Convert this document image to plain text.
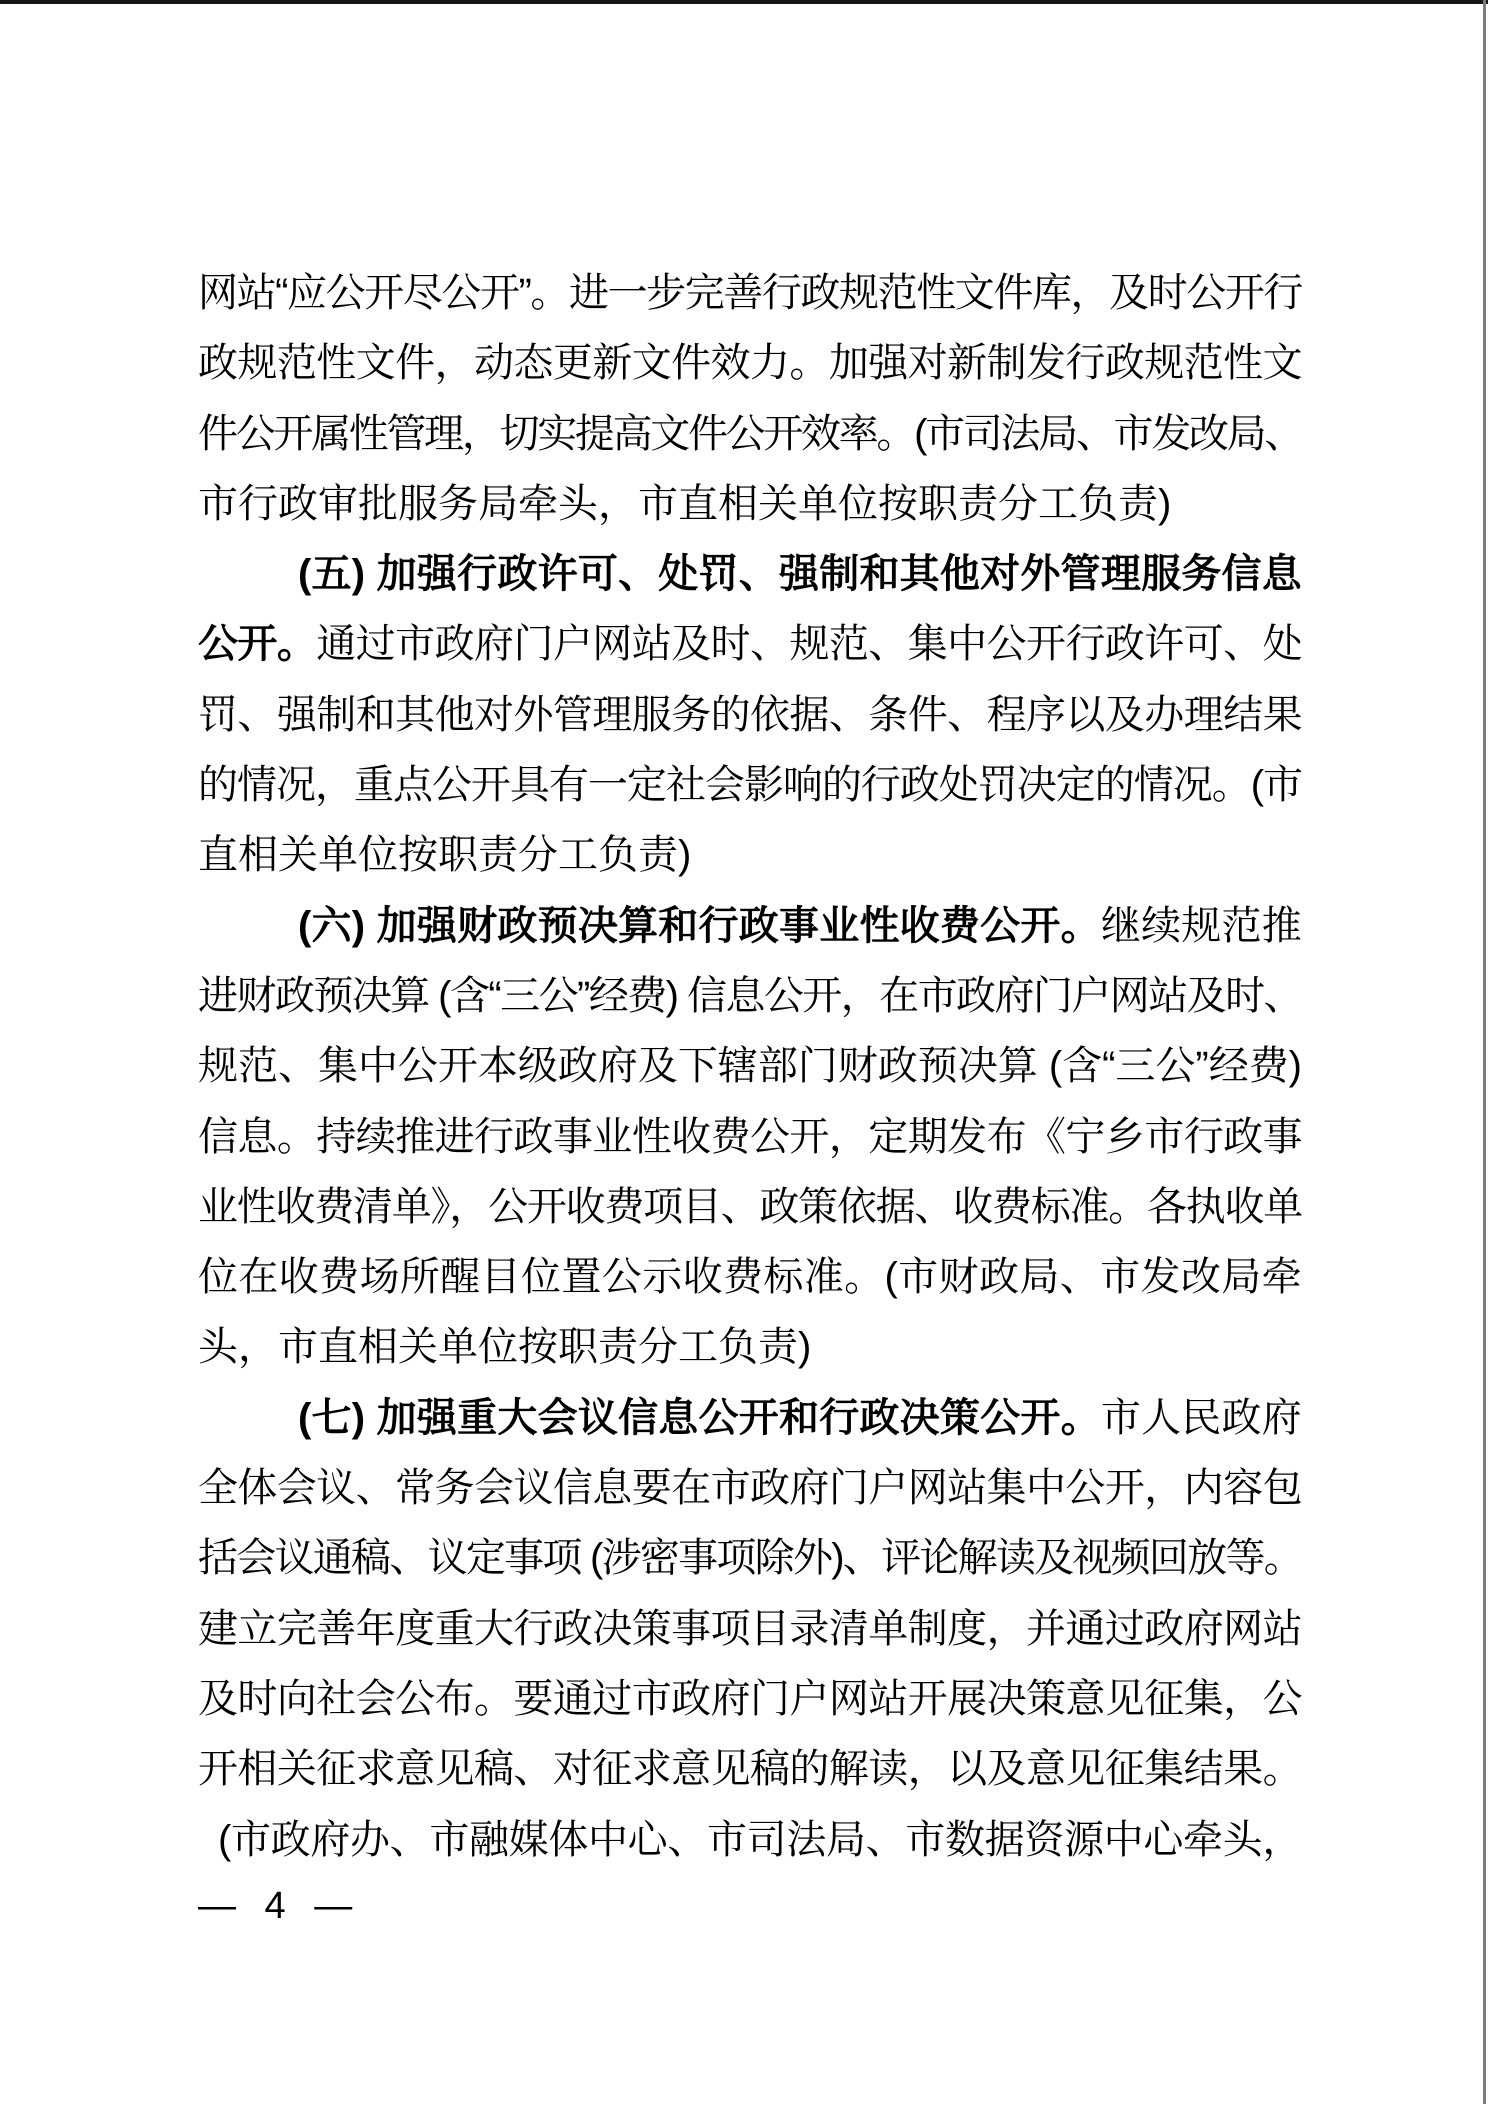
网站“应公开尽公开”。进一步完善行政规范性文件库，及时公开行
政规范性文件，动态更新文件效力。加强对新制发行政规范性文
件公开属性管理，切实提高文件公开效率。(市司法局、市发改局、
市行政审批服务局牵头，市直相关单位按职责分工负责)
(五) 加强行政许可、处罚、强制和其他对外管理服务信息
公开。通过市政府门户网站及时、规范、集中公开行政许可、处
罚、强制和其他对外管理服务的依据、条件、程序以及办理结果
的情况，重点公开具有一定社会影响的行政处罚决定的情况。(市
直相关单位按职责分工负责)
(六) 加强财政预决算和行政事业性收费公开。继续规范推
进财政预决算 (含“三公”经费) 信息公开，在市政府门户网站及时、
规范、集中公开本级政府及下辖部门财政预决算 (含“三公”经费)
信息。持续推进行政事业性收费公开，定期发布《宁乡市行政事
业性收费清单》，公开收费项目、政策依据、收费标准。各执收单
位在收费场所醒目位置公示收费标准。(市财政局、市发改局牵
头，市直相关单位按职责分工负责)
(七) 加强重大会议信息公开和行政决策公开。市人民政府
全体会议、常务会议信息要在市政府门户网站集中公开，内容包
括会议通稿、议定事项 (涉密事项除外)、评论解读及视频回放等。
建立完善年度重大行政决策事项目录清单制度，并通过政府网站
及时向社会公布。要通过市政府门户网站开展决策意见征集，公
开相关征求意见稿、对征求意见稿的解读，以及意见征集结果。
(市政府办、市融媒体中心、市司法局、市数据资源中心牵头，
— 4 —
